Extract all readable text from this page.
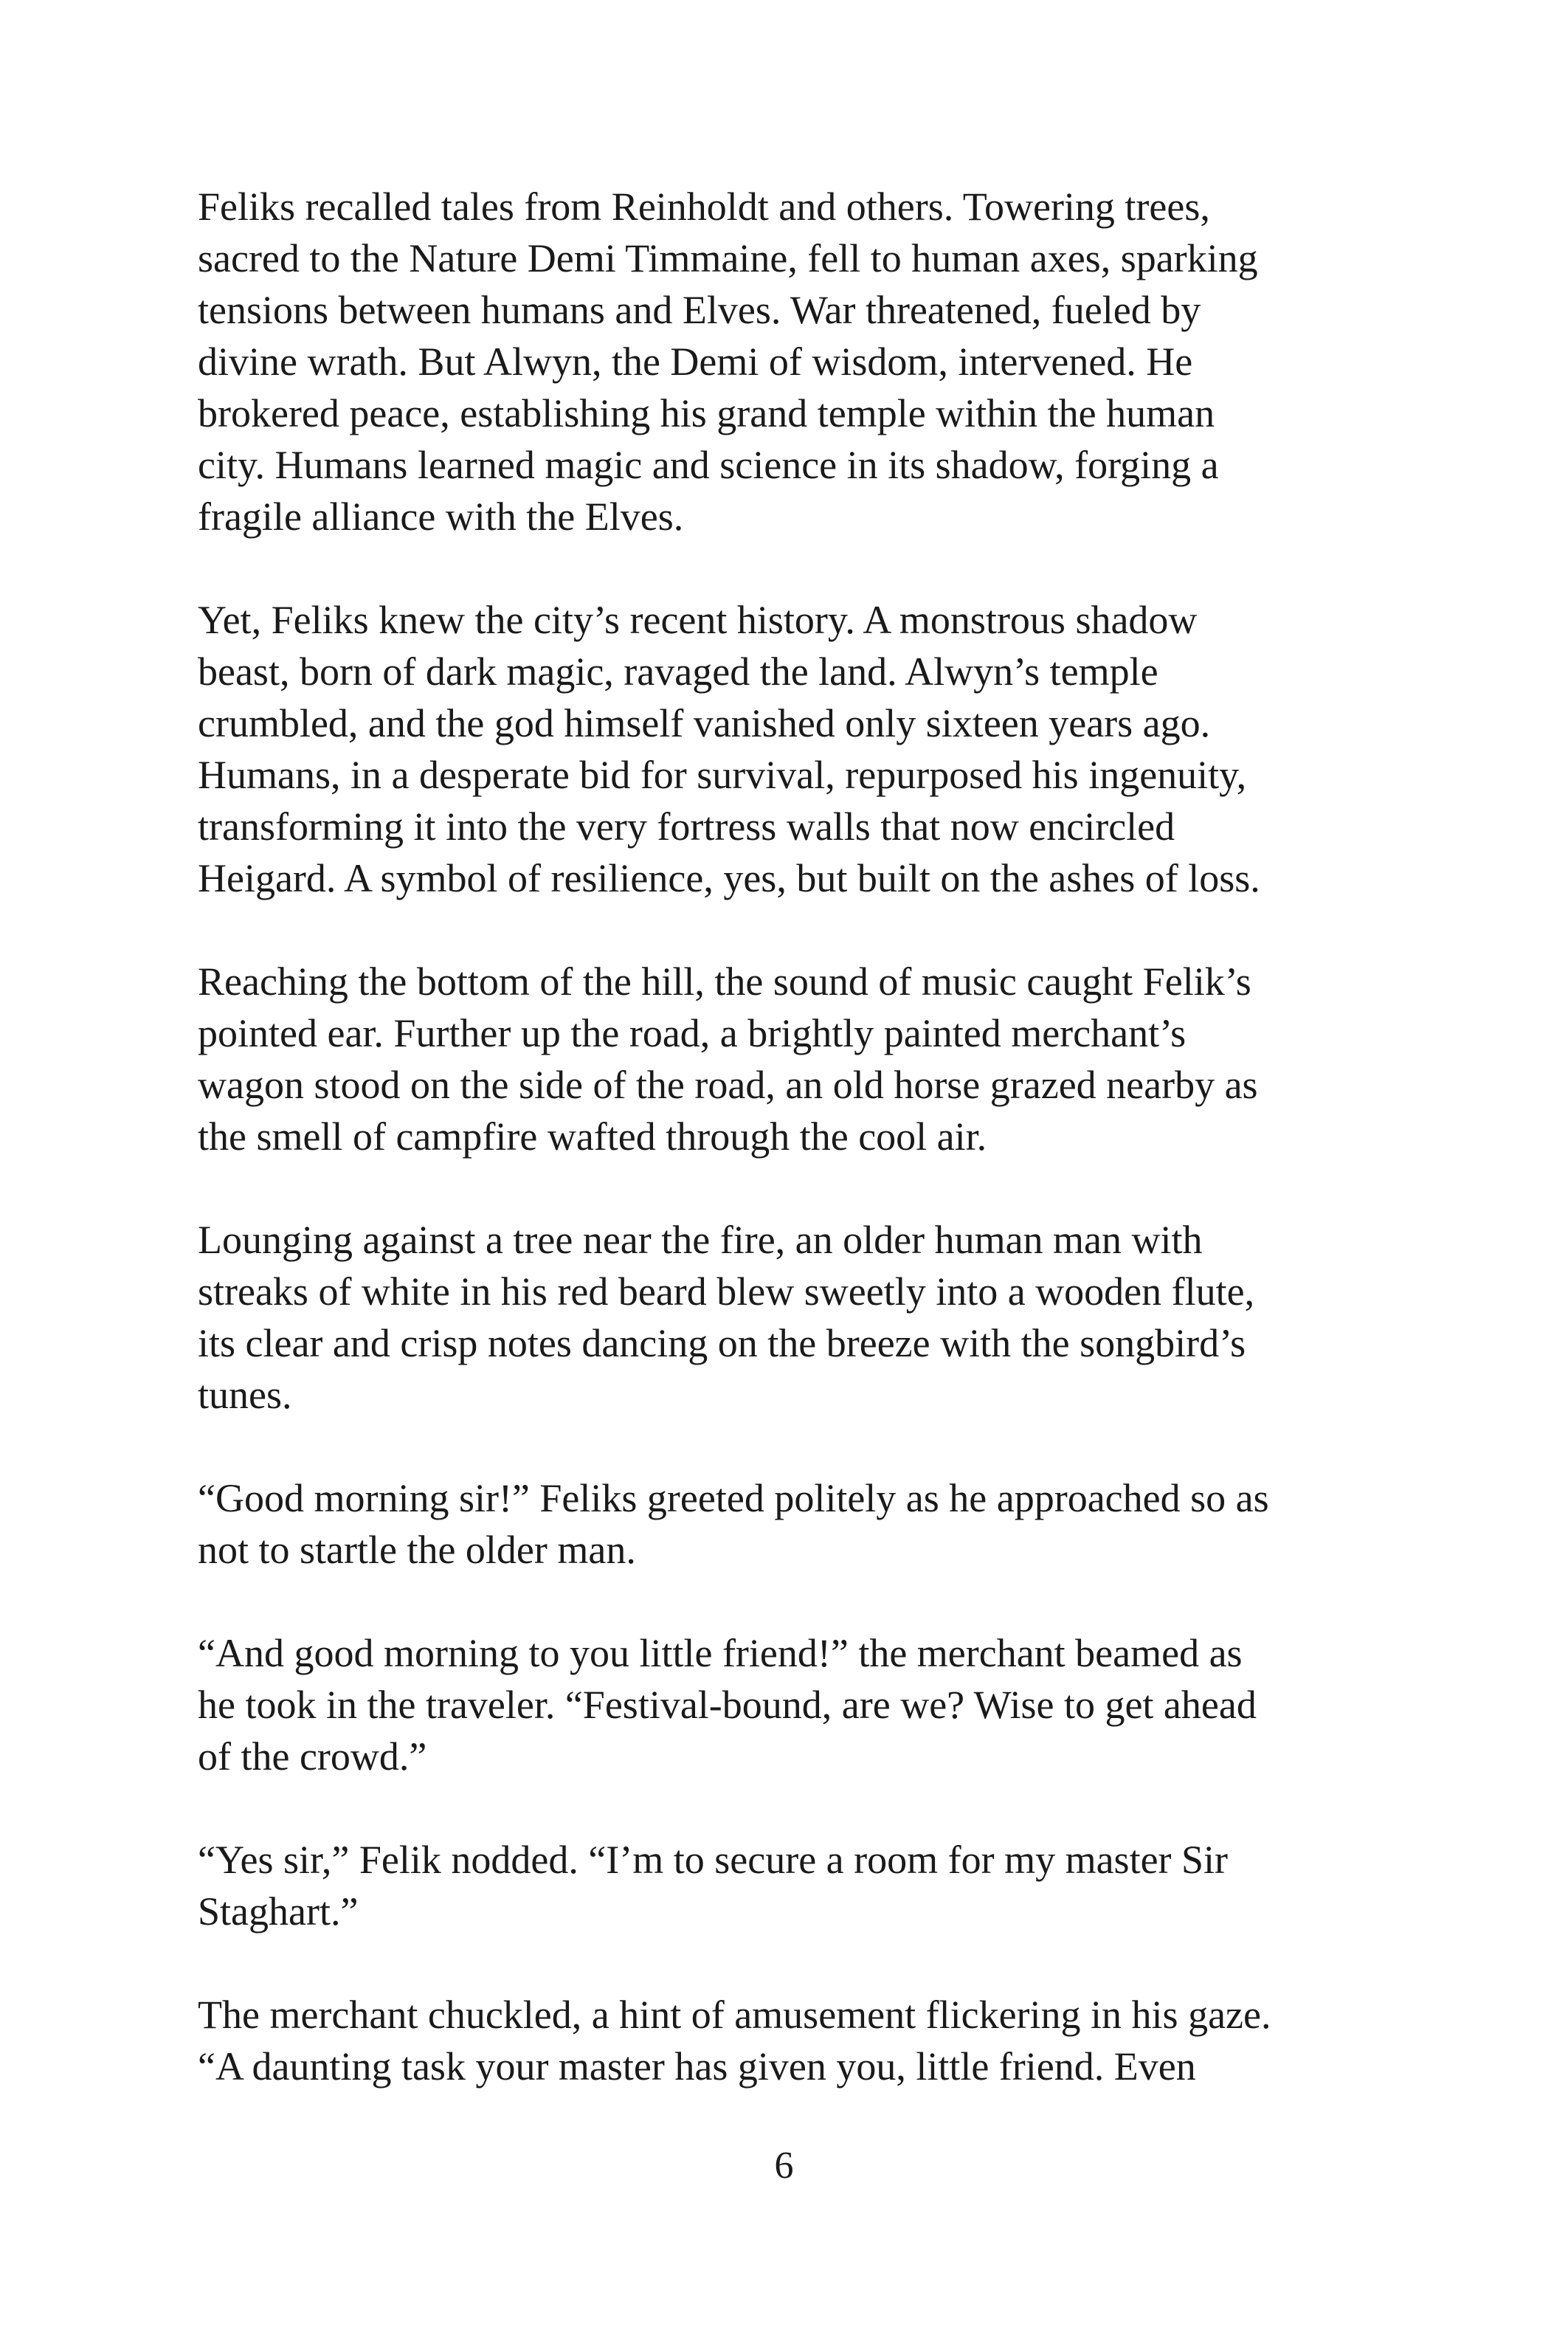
Feliks recalled tales from Reinholdt and others. Towering trees,
sacred to the Nature Demi Timmaine, fell to human axes, sparking
tensions between humans and Elves. War threatened, fueled by
divine wrath. But Alwyn, the Demi of wisdom, intervened. He
brokered peace, establishing his grand temple within the human
city. Humans learned magic and science in its shadow, forging a
fragile alliance with the Elves.

Yet, Feliks knew the city’s recent history. A monstrous shadow
beast, born of dark magic, ravaged the land. Alwyn’s temple
crumbled, and the god himself vanished only sixteen years ago.
Humans, in a desperate bid for survival, repurposed his ingenuity,
transforming it into the very fortress walls that now encircled
Heigard. A symbol of resilience, yes, but built on the ashes of loss.

Reaching the bottom of the hill, the sound of music caught Felik’s
pointed ear. Further up the road, a brightly painted merchant’s
wagon stood on the side of the road, an old horse grazed nearby as
the smell of campfire wafted through the cool air.

Lounging against a tree near the fire, an older human man with
streaks of white in his red beard blew sweetly into a wooden flute,
its clear and crisp notes dancing on the breeze with the songbird’s
tunes.

“Good morning sir!” Feliks greeted politely as he approached so as
not to startle the older man.

“And good morning to you little friend!” the merchant beamed as
he took in the traveler. “Festival-bound, are we? Wise to get ahead
of the crowd.”

“Yes sir,” Felik nodded. “I’m to secure a room for my master Sir
Staghart.”

The merchant chuckled, a hint of amusement flickering in his gaze.
“A daunting task your master has given you, little friend. Even

6
